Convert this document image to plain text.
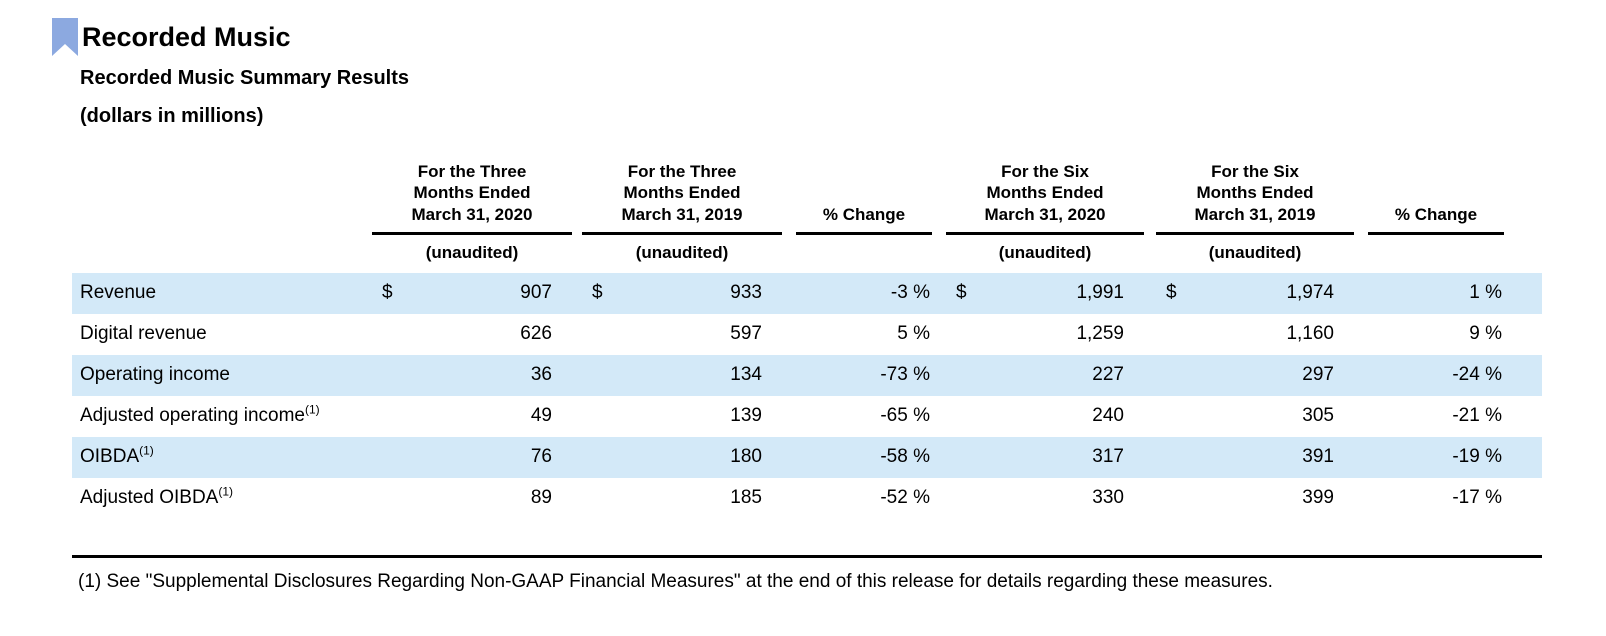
Recorded Music
Recorded Music Summary Results
(dollars in millions)

For the Three
Months Ended
March 31, 2020

For the Three
Months Ended
March 31, 2019		% Change

For the Six
Months Ended
March 31, 2020

For the Six
Months Ended
March 31, 2019		% Change

	(unaudited)			(unaudited)					(unaudited)			(unaudited)				
Revenue	$	907		$	933		-3 %		$	1,991		$	1,974		1 %	
Digital revenue		626			597		5 %			1,259			1,160		9 %	
Operating income		36			134		-73 %			227			297		-24 %	
Adjusted operating income$^{(1)}$		49			139		-65 %			240			305		-21 %	
OIBDA$^{(1)}$		76			180		-58 %			317			391		-19 %	
Adjusted OIBDA$^{(1)}$		89			185		-52 %			330			399		-17 %	
(1) See "Supplemental Disclosures Regarding Non-GAAP Financial Measures" at the end of this release for details regarding these measures.
